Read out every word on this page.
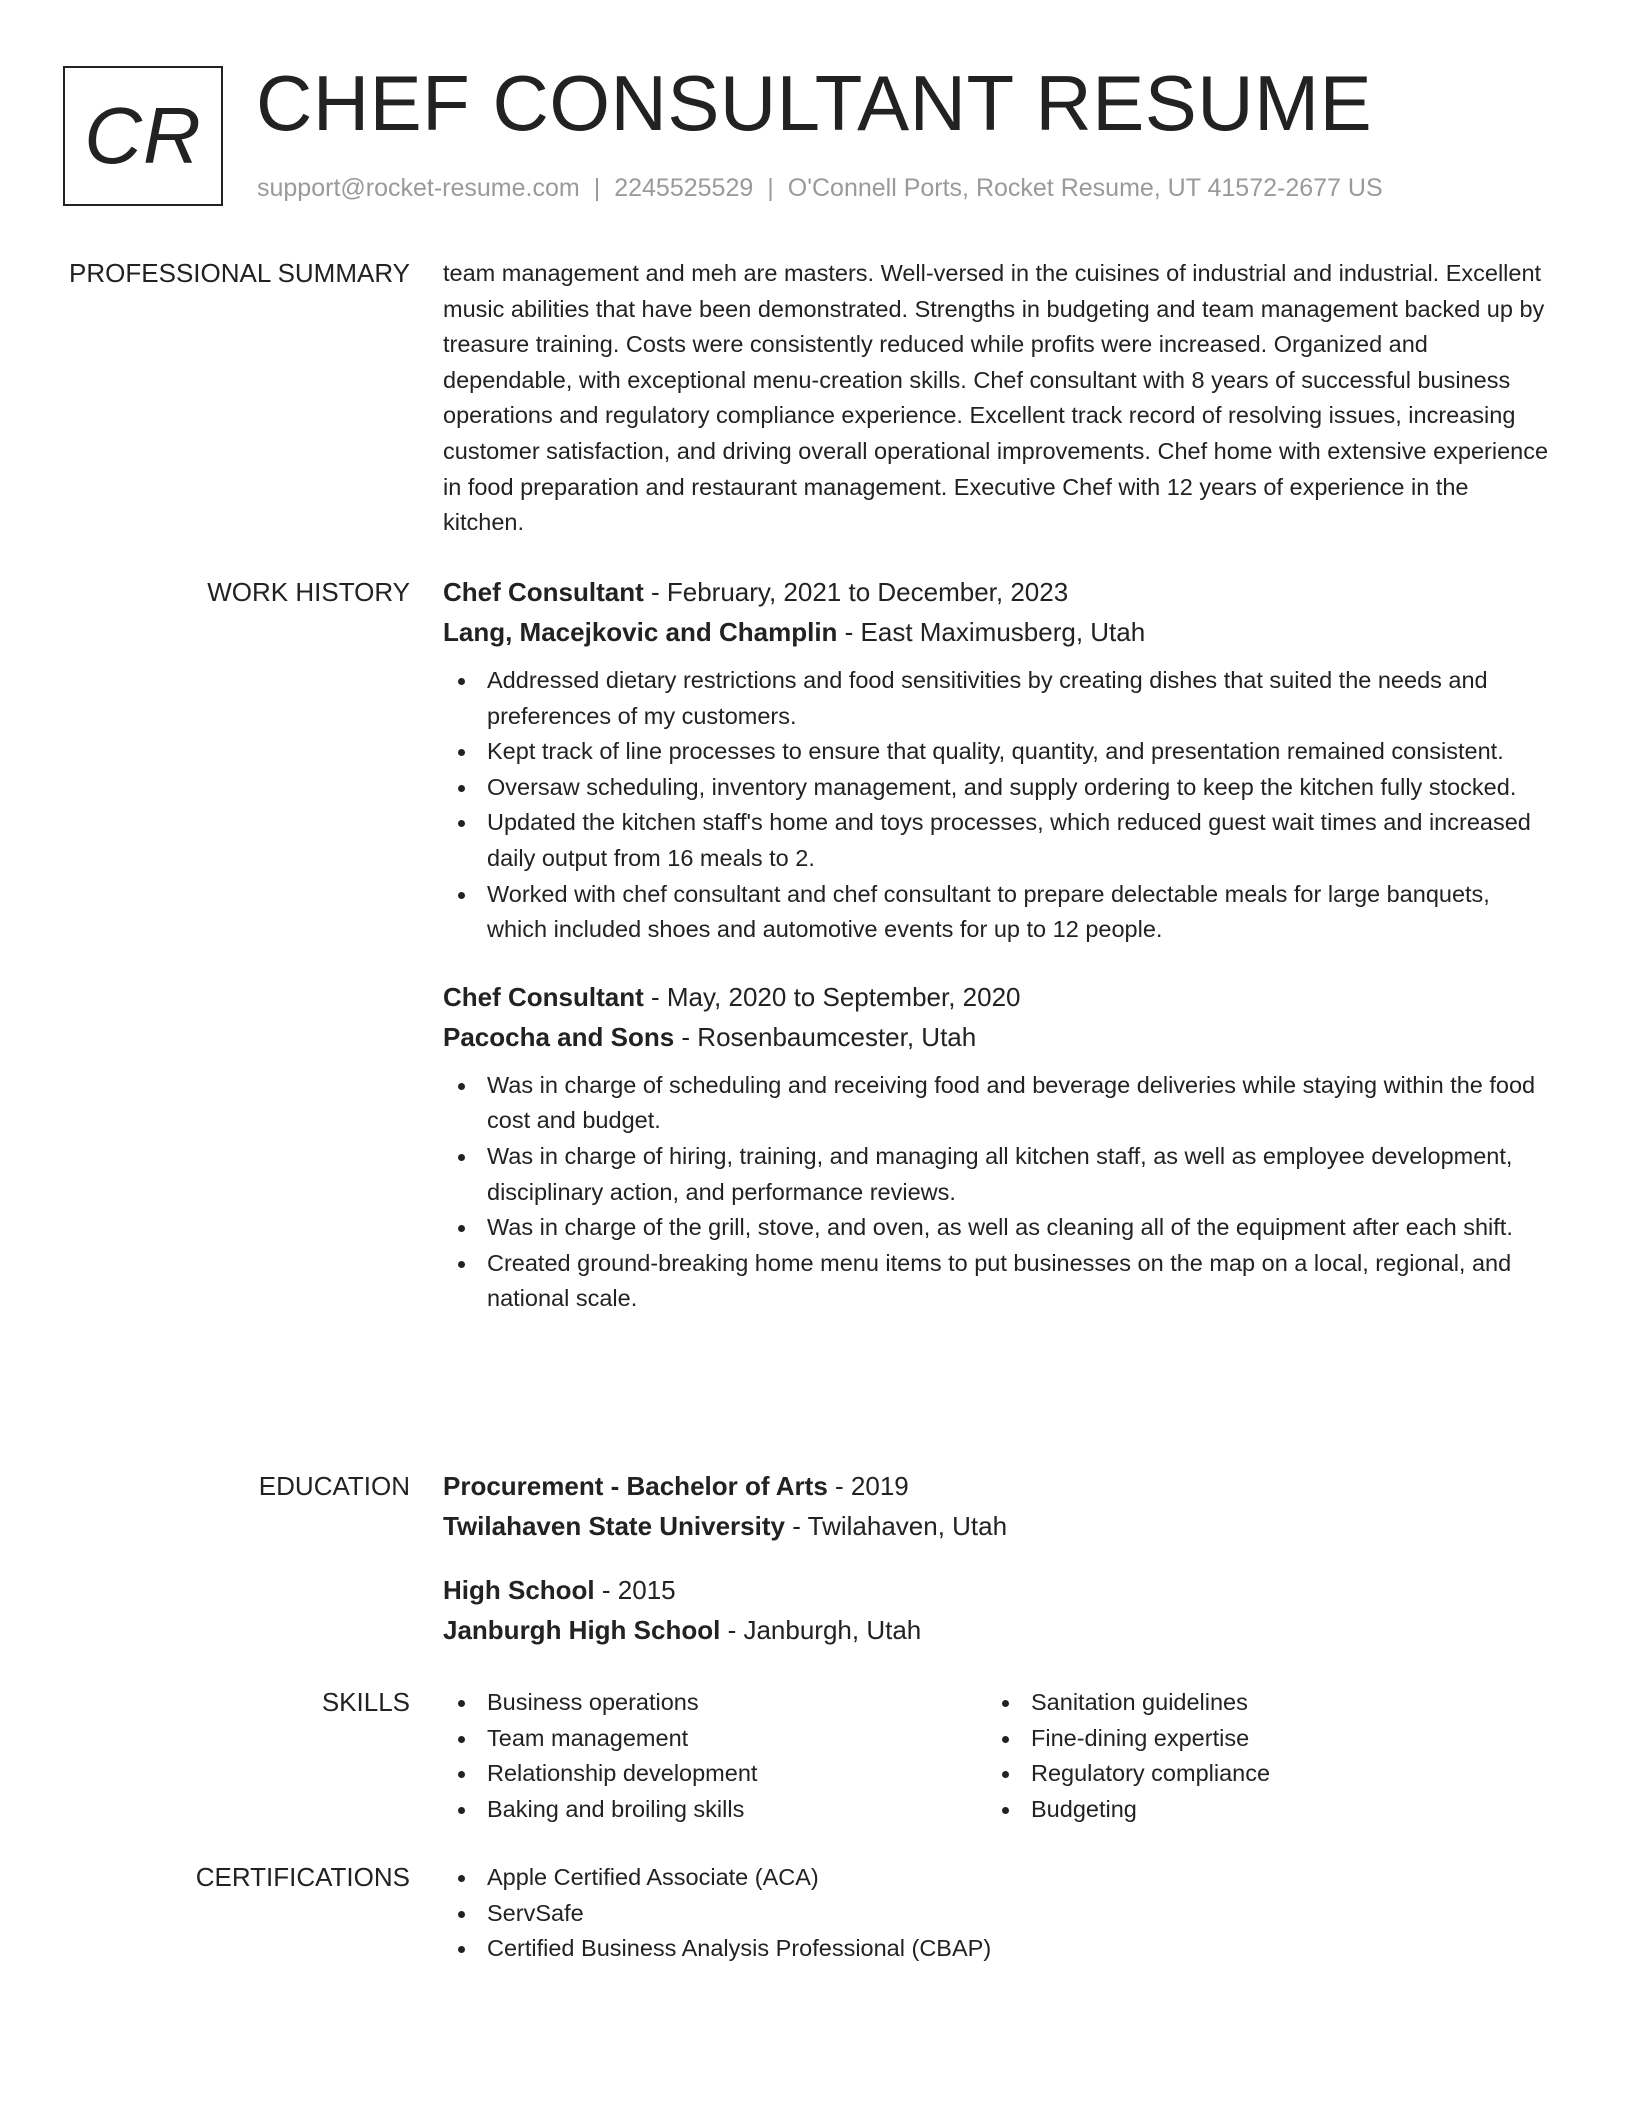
CR CHEF CONSULTANT RESUME
support@rocket-resume.com | 2245525529 | O'Connell Ports, Rocket Resume, UT 41572-2677 US
PROFESSIONAL SUMMARY team management and meh are masters. Well-versed in the cuisines of industrial and industrial. Excellent music abilities that have been demonstrated. Strengths in budgeting and team management backed up by treasure training. Costs were consistently reduced while profits were increased. Organized and dependable, with exceptional menu-creation skills. Chef consultant with 8 years of successful business operations and regulatory compliance experience. Excellent track record of resolving issues, increasing customer satisfaction, and driving overall operational improvements. Chef home with extensive experience in food preparation and restaurant management. Executive Chef with 12 years of experience in the kitchen.

WORK HISTORY Chef Consultant - February, 2021 to December, 2023
Lang, Macejkovic and Champlin - East Maximusberg, Utah
Addressed dietary restrictions and food sensitivities by creating dishes that suited the needs and preferences of my customers.
Kept track of line processes to ensure that quality, quantity, and presentation remained consistent.
Oversaw scheduling, inventory management, and supply ordering to keep the kitchen fully stocked.
Updated the kitchen staff's home and toys processes, which reduced guest wait times and increased daily output from 16 meals to 2.
Worked with chef consultant and chef consultant to prepare delectable meals for large banquets, which included shoes and automotive events for up to 12 people.
Chef Consultant - May, 2020 to September, 2020
Pacocha and Sons - Rosenbaumcester, Utah
Was in charge of scheduling and receiving food and beverage deliveries while staying within the food cost and budget.
Was in charge of hiring, training, and managing all kitchen staff, as well as employee development, disciplinary action, and performance reviews.
Was in charge of the grill, stove, and oven, as well as cleaning all of the equipment after each shift.
Created ground-breaking home menu items to put businesses on the map on a local, regional, and national scale.
EDUCATION Procurement - Bachelor of Arts - 2019
Twilahaven State University - Twilahaven, Utah
High School - 2015
Janburgh High School - Janburgh, Utah
SKILLS	Business operations
Team management
Relationship development
Baking and broiling skills
Sanitation guidelines
Fine-dining expertise
Regulatory compliance
Budgeting
CERTIFICATIONS	Apple Certified Associate (ACA)
ServSafe
Certified Business Analysis Professional (CBAP)
